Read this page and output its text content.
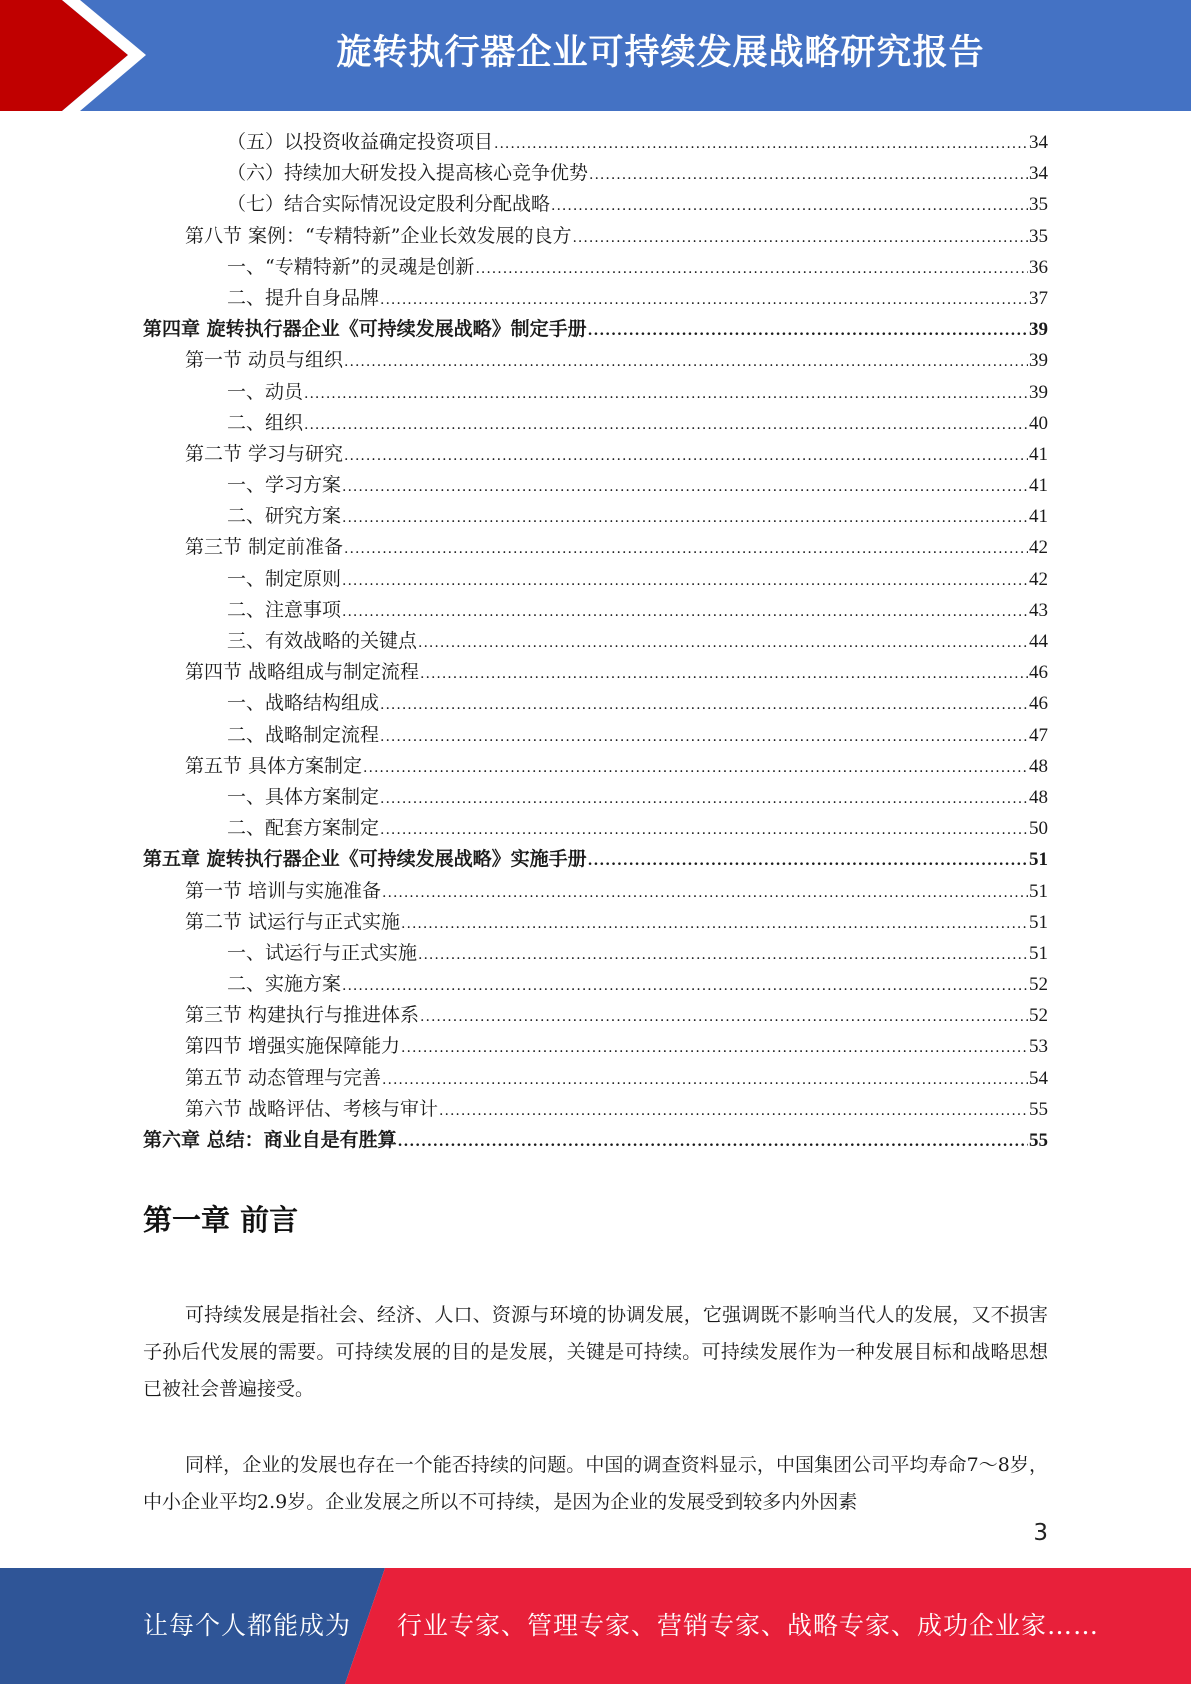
旋转执行器企业可持续发展战略研究报告
（五）以投资收益确定投资项目 .....	34
（六）持续加大研发投入提高核心竞争优势 .....	34
（七）结合实际情况设定股利分配战略 .....	35
第八节 案例：“专精特新”企业长效发展的良方 .....	35
一、“专精特新”的灵魂是创新 .....	36
二、提升自身品牌 .....	37
第四章 旋转执行器企业《可持续发展战略》制定手册 .....	39
第一节 动员与组织 .....	39
一、动员 .....	39
二、组织 .....	40
第二节 学习与研究 .....	41
一、学习方案 .....	41
二、研究方案 .....	41
第三节 制定前准备 .....	42
一、制定原则 .....	42
二、注意事项 .....	43
三、有效战略的关键点 .....	44
第四节 战略组成与制定流程 .....	46
一、战略结构组成 .....	46
二、战略制定流程 .....	47
第五节 具体方案制定 .....	48
一、具体方案制定 .....	48
二、配套方案制定 .....	50
第五章 旋转执行器企业《可持续发展战略》实施手册 .....	51
第一节 培训与实施准备 .....	51
第二节 试运行与正式实施 .....	51
一、试运行与正式实施 .....	51
二、实施方案 .....	52
第三节 构建执行与推进体系 .....	52
第四节 增强实施保障能力 .....	53
第五节 动态管理与完善 .....	54
第六节 战略评估、考核与审计 .....	55
第六章 总结：商业自是有胜算 .....	55
第一章 前言

可持续发展是指社会、经济、人口、资源与环境的协调发展，它强调既不影响当代人的发展，又不损害子孙后代发展的需要。可持续发展的目的是发展，关键是可持续。可持续发展作为一种发展目标和战略思想已被社会普遍接受。

同样，企业的发展也存在一个能否持续的问题。中国的调查资料显示，中国集团公司平均寿命7～8岁，中小企业平均2.9岁。企业发展之所以不可持续，是因为企业的发展受到较多内外因素

3
让每个人都能成为 行业专家、管理专家、营销专家、战略专家、成功企业家……
